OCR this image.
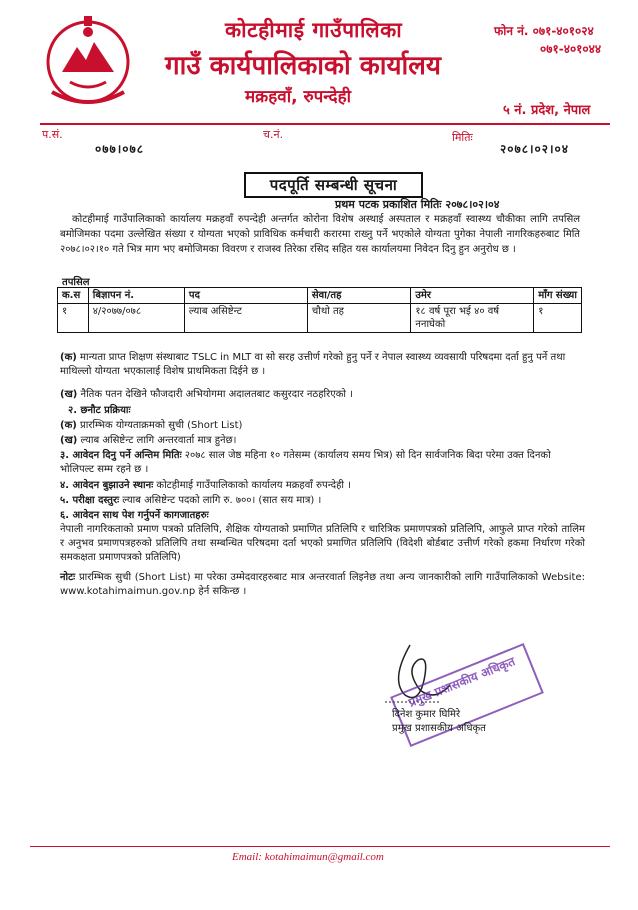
कोटहीमाई गाउँपालिका
गाउँ कार्यपालिकाको कार्यालय
मक्रहवाँ, रुपन्देही
फोन नं. ०७१-४०१०२४
०७१-४०१०४४
५ नं. प्रदेश, नेपाल
प.सं.
०७७।०७८
च.नं.	मितिः
२०७८।०२।०४
पदपूर्ति सम्बन्धी सूचना
प्रथम पटक प्रकाशित मितिः २०७८।०२।०४
कोटहीमाई गाउँपालिकाको कार्यालय मक्रहवाँ रुपन्देही अन्तर्गत कोरोना विशेष अस्थाई अस्पताल र मक्रहवाँ स्वास्थ्य चौकीका लागि तपसिल बमोजिमका पदमा उल्लेखित संख्या र योग्यता भएको प्राविधिक कर्मचारी करारमा राख्नु पर्ने भएकोले योग्यता पुगेका नेपाली नागरिकहरुबाट मिति २०७८।०२।१० गते भित्र माग भए बमोजिमका विवरण र राजस्व तिरेका रसिद सहित यस कार्यालयमा निवेदन दिनु हुन अनुरोध छ ।
तपसिल
क.स	बिज्ञापन नं.	पद	सेवा/तह	उमेर	माँग संख्या
१	४/२०७७/०७८	ल्याब असिष्टेन्ट	चौथो तह	१८ वर्ष पूरा भई ४० वर्ष ननाघेको	१
(क) मान्यता प्राप्त शिक्षण संस्थाबाट TSLC in MLT वा सो सरह उत्तीर्ण गरेको हुनु पर्ने र नेपाल स्वास्थ्य व्यवसायी परिषदमा दर्ता हुनु पर्ने तथा माथिल्लो योग्यता भएकालाई विशेष प्राथमिकता दिईने छ ।
(ख) नैतिक पतन देखिने फौजदारी अभियोगमा अदालतबाट कसुरदार नठहरिएको ।
२. छनौट प्रक्रियाः
(क) प्रारम्भिक योग्यताक्रमको सुची (Short List)
(ख) ल्याब असिष्टेन्ट लागि अन्तरवार्ता मात्र हुनेछ।
३. आवेदन दिनु पर्ने अन्तिम मितिः २०७८ साल जेष्ठ महिना १० गतेसम्म (कार्यालय समय भित्र) सो दिन सार्वजनिक बिदा परेमा उक्त दिनको भोलिपल्ट सम्म रहने छ ।
४. आवेदन बुझाउने स्थानः कोटहीमाई गाउँपालिकाको कार्यालय मक्रहवाँ रुपन्देही ।
५. परीक्षा दस्तुरः ल्याब असिष्टेन्ट पदको लागि रु. ७००। (सात सय मात्र) ।
६. आवेदन साथ पेश गर्नुपर्ने कागजातहरुः
नेपाली नागरिकताको प्रमाण पत्रको प्रतिलिपि, शैक्षिक योग्यताको प्रमाणित प्रतिलिपि र चारित्रिक प्रमाणपत्रको प्रतिलिपि, आफुले प्राप्त गरेको तालिम र अनुभव प्रमाणपत्रहरुको प्रतिलिपि तथा सम्बन्धित परिषदमा दर्ता भएको प्रमाणित प्रतिलिपि (विदेशी बोर्डबाट उत्तीर्ण गरेको हकमा निर्धारण गरेको समकक्षता प्रमाणपत्रको प्रतिलिपि)
नोटः प्रारम्भिक सुची (Short List) मा परेका उम्मेदवारहरुबाट मात्र अन्तरवार्ता लिइनेछ तथा अन्य जानकारीको लागि गाउँपालिकाको Website: www.kotahimaimun.gov.np हेर्न सकिन्छ ।
प्रमुख प्रशासकीय अधिकृत
दिनेश कुमार घिमिरे
प्रमुख प्रशासकीय अधिकृत
Email: kotahimaimun@gmail.com
